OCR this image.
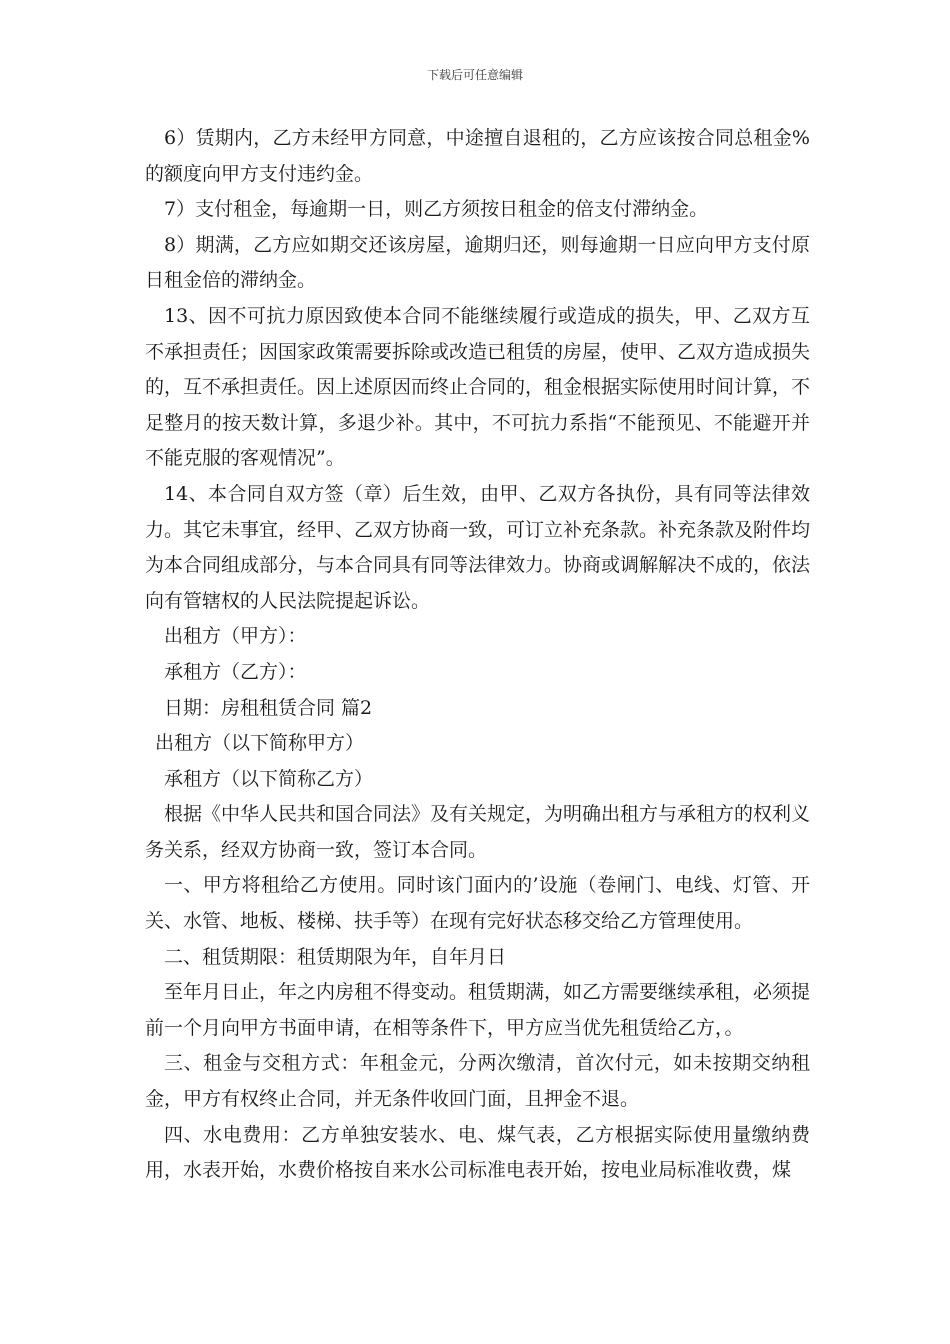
下载后可任意编辑

6）赁期内，乙方未经甲方同意，中途擅自退租的，乙方应该按合同总租金%的额度向甲方支付违约金。

7）支付租金，每逾期一日，则乙方须按日租金的倍支付滞纳金。

8）期满，乙方应如期交还该房屋，逾期归还，则每逾期一日应向甲方支付原日租金倍的滞纳金。

13、因不可抗力原因致使本合同不能继续履行或造成的损失，甲、乙双方互不承担责任；因国家政策需要拆除或改造已租赁的房屋，使甲、乙双方造成损失的，互不承担责任。因上述原因而终止合同的，租金根据实际使用时间计算，不足整月的按天数计算，多退少补。其中，不可抗力系指“不能预见、不能避开并不能克服的客观情况”。

14、本合同自双方签（章）后生效，由甲、乙双方各执份，具有同等法律效力。其它未事宜，经甲、乙双方协商一致，可订立补充条款。补充条款及附件均为本合同组成部分，与本合同具有同等法律效力。协商或调解解决不成的，依法向有管辖权的人民法院提起诉讼。

出租方（甲方）：

承租方（乙方）：

日期：房租租赁合同 篇2

出租方（以下简称甲方）

承租方（以下简称乙方）

根据《中华人民共和国合同法》及有关规定，为明确出租方与承租方的权利义务关系，经双方协商一致，签订本合同。

一、甲方将租给乙方使用。同时该门面内的’设施（卷闸门、电线、灯管、开关、水管、地板、楼梯、扶手等）在现有完好状态移交给乙方管理使用。

二、租赁期限：租赁期限为年，自年月日

至年月日止，年之内房租不得变动。租赁期满，如乙方需要继续承租，必须提前一个月向甲方书面申请，在相等条件下，甲方应当优先租赁给乙方，。

三、租金与交租方式：年租金元，分两次缴清，首次付元，如未按期交纳租金，甲方有权终止合同，并无条件收回门面，且押金不退。

四、水电费用：乙方单独安装水、电、煤气表，乙方根据实际使用量缴纳费用，水表开始，水费价格按自来水公司标准电表开始，按电业局标准收费，煤
